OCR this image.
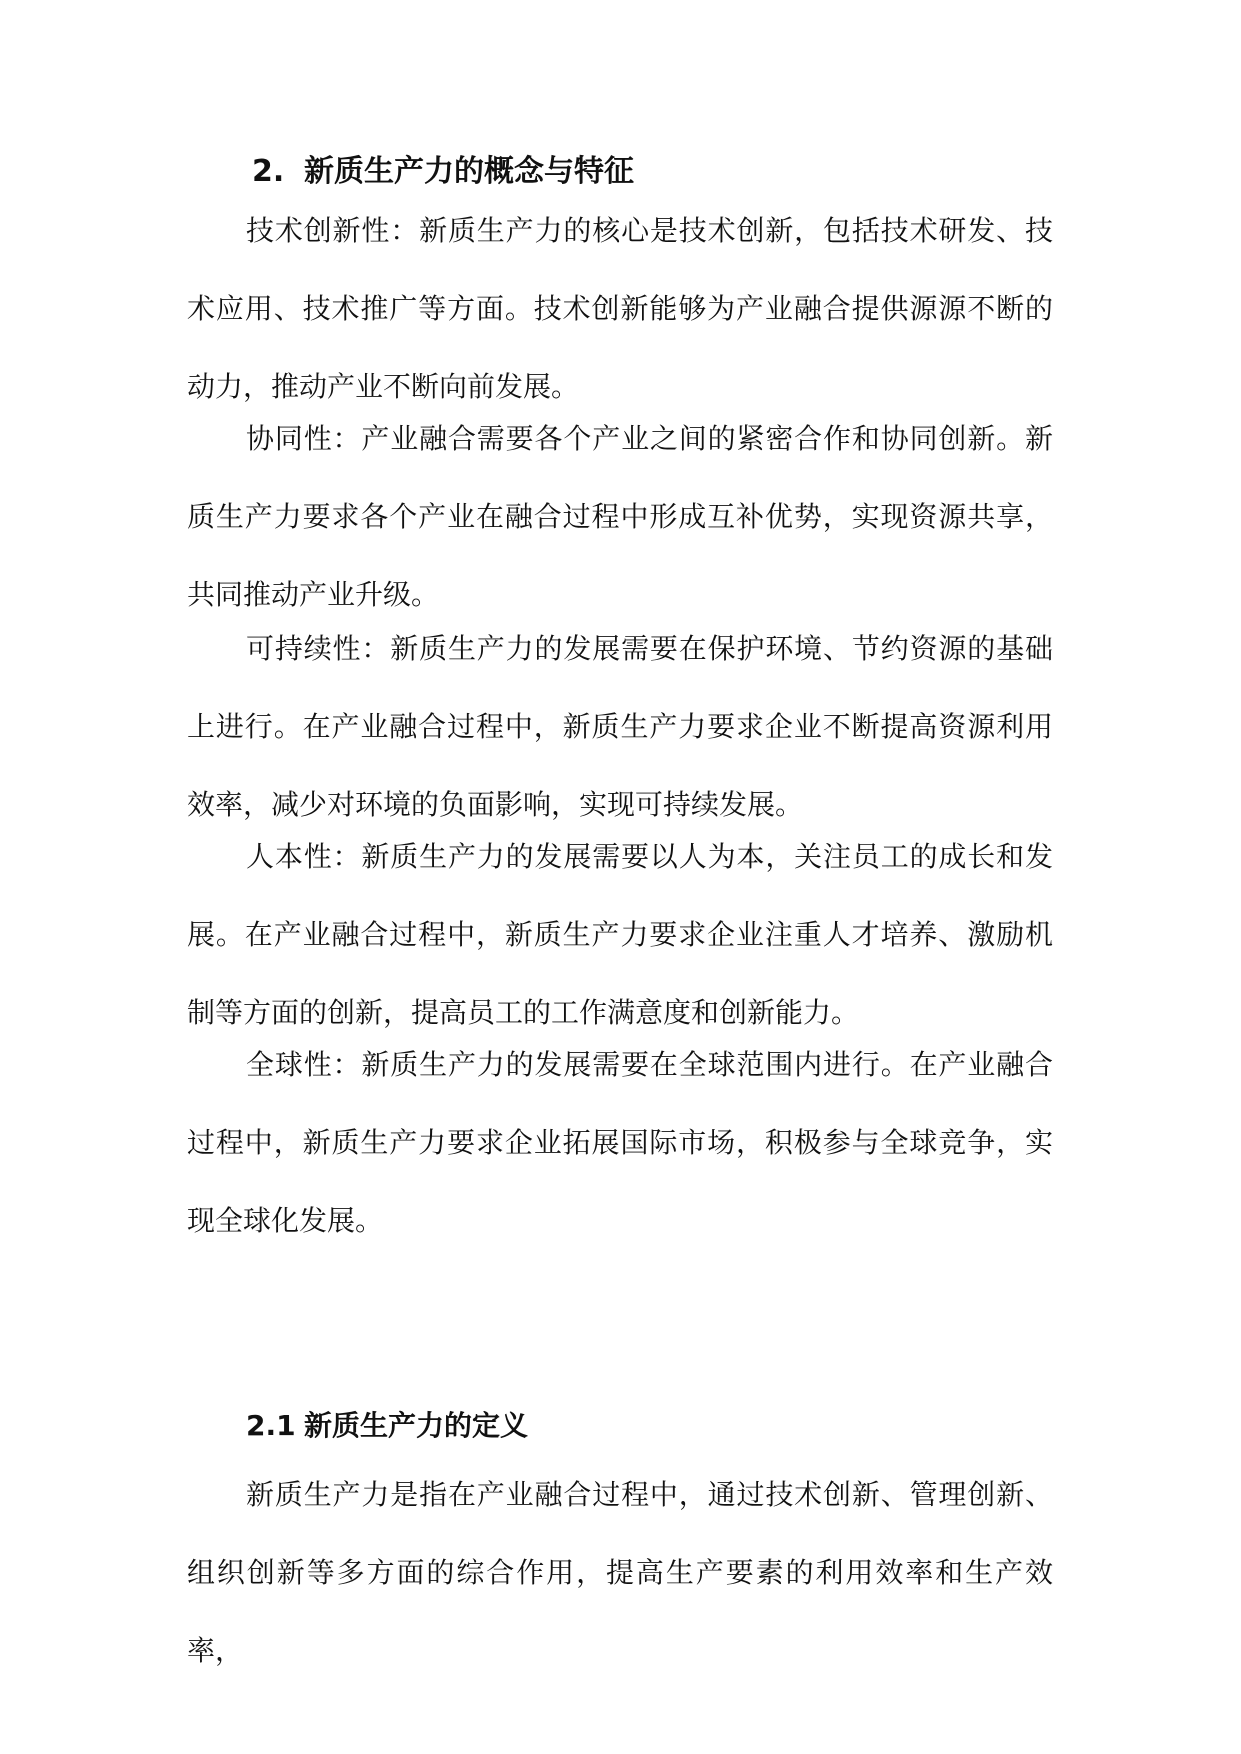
2. 新质生产力的概念与特征

技术创新性：新质生产力的核心是技术创新，包括技术研发、技术应用、技术推广等方面。技术创新能够为产业融合提供源源不断的动力，推动产业不断向前发展。

协同性：产业融合需要各个产业之间的紧密合作和协同创新。新质生产力要求各个产业在融合过程中形成互补优势，实现资源共享，共同推动产业升级。

可持续性：新质生产力的发展需要在保护环境、节约资源的基础上进行。在产业融合过程中，新质生产力要求企业不断提高资源利用效率，减少对环境的负面影响，实现可持续发展。

人本性：新质生产力的发展需要以人为本，关注员工的成长和发展。在产业融合过程中，新质生产力要求企业注重人才培养、激励机制等方面的创新，提高员工的工作满意度和创新能力。

全球性：新质生产力的发展需要在全球范围内进行。在产业融合过程中，新质生产力要求企业拓展国际市场，积极参与全球竞争，实现全球化发展。

2.1 新质生产力的定义

新质生产力是指在产业融合过程中，通过技术创新、管理创新、组织创新等多方面的综合作用，提高生产要素的利用效率和生产效率，
